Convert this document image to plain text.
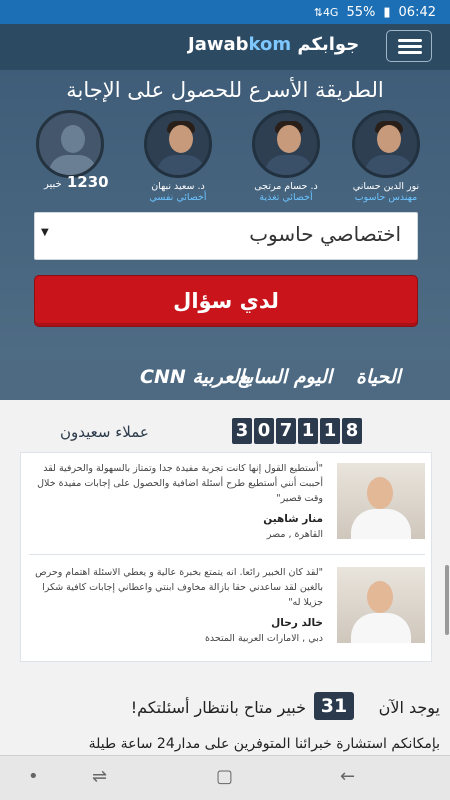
⇅4G 55% ▮ 06:42
Jawabkom جوابكم
الطريقة الأسرع للحصول على الإجابة
نور الدين حساني
مهندس حاسوب
د. حسام مرتجى
أخصائي تغذية
د. سعيد نبهان
أخصائي نفسي
1230 خبير
اختصاصي حاسوب
▼
لدي سؤال
CNN بالعربية
اليوم السابع الحياة
عملاء سعيدون	3 0 7 1 1 8
"أستطيع القول إنها كانت تجربة مفيدة جدا وتمتاز بالسهولة والحرفية لقد أحببت أنني أستطيع طرح أسئلة اضافية والحصول على إجابات مفيدة خلال وقت قصير"
منار شاهين
القاهرة , مصر
"لقد كان الخبير رائعا. انه يتمتع بخبرة عالية و يعطي الاسئلة اهتمام وحرص بالغين لقد ساعدني حقا بازالة مخاوف ابنتي واعطاني إجابات كافية شكرا جزيلا له"
خالد رحال
دبي , الامارات العربية المتحدة
يوجد الآن
31
خبير متاح بانتظار أسئلتكم!
بإمكانكم استشارة خبرائنا المتوفرين على مدار24 ساعة طيلة
•	⇌	▢	←
